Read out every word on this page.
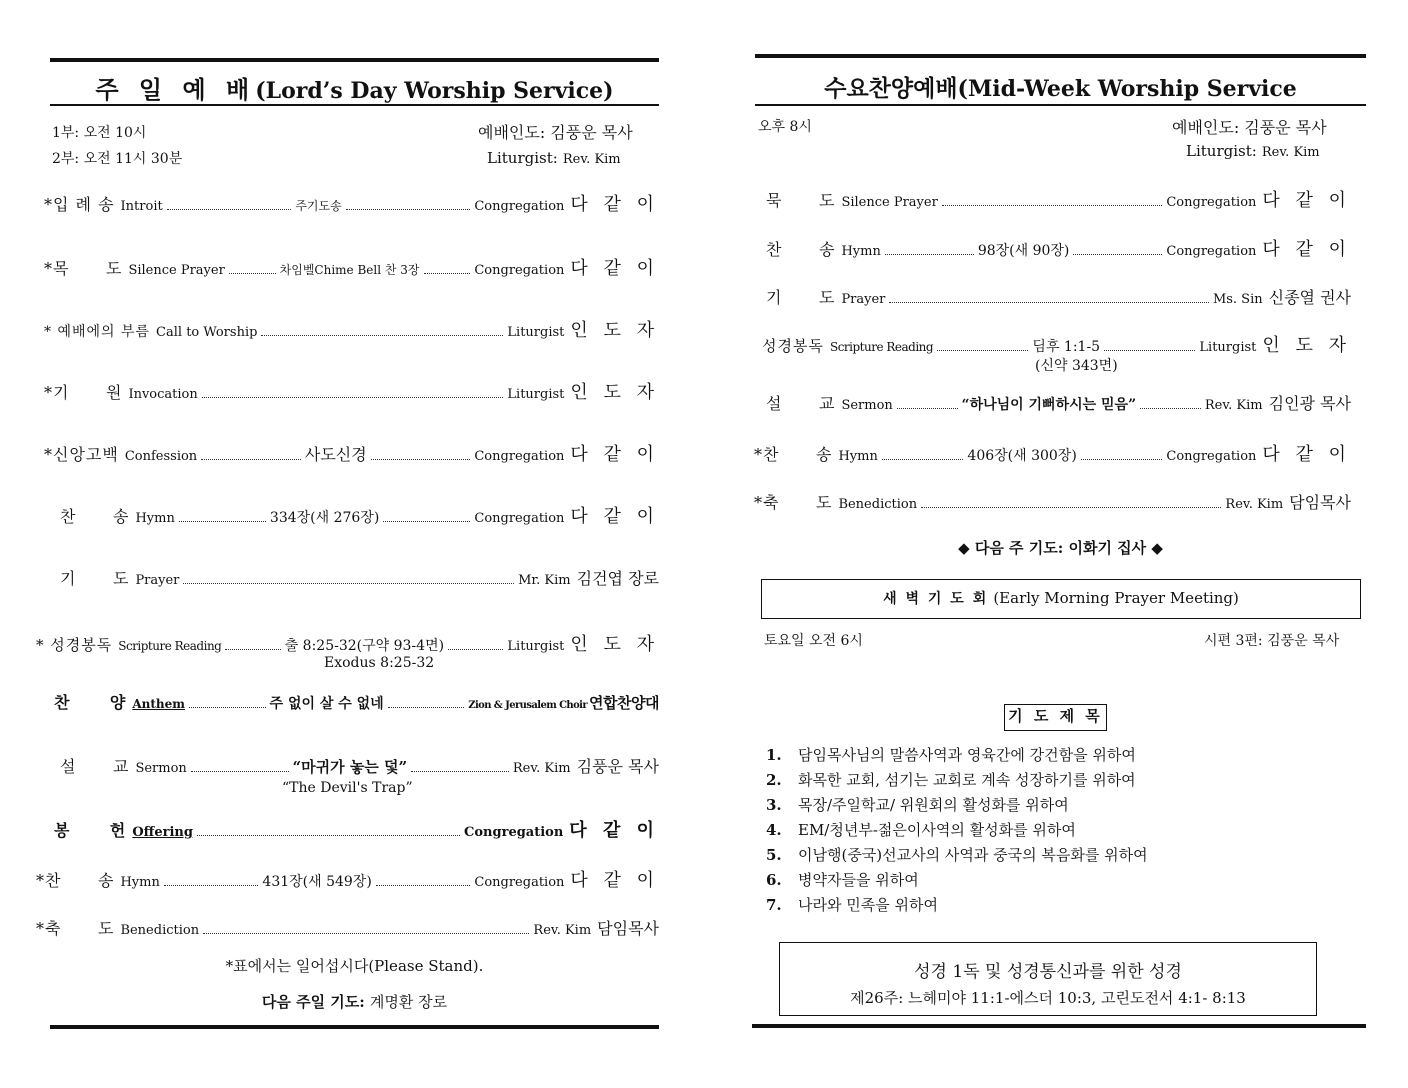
주 일 예 배(Lord’s Day Worship Service)
1부: 오전 10시
2부: 오전 11시 30분
예배인도: 김풍운 목사
Liturgist: Rev. Kim
*입 례 송 Introit	주기도송	Congregation 다 같 이
*목      도 Silence Prayer	차임벨Chime Bell 찬 3장	Congregation 다 같 이
* 예배에의 부름 Call to Worship	Liturgist 인 도 자
*기      원 Invocation	Liturgist 인 도 자
*신앙고백 Confession	사도신경	Congregation 다 같 이
찬      송 Hymn	334장(새 276장)	Congregation 다 같 이
기      도 Prayer	Mr. Kim 김건엽 장로
* 성경봉독 Scripture Reading	출 8:25-32(구약 93-4면)	Liturgist 인 도 자
Exodus 8:25-32
찬      양 Anthem	주 없이 살 수 없네	Zion & Jerusalem Choir 연합찬양대
설      교 Sermon	“마귀가 놓는 덫”	Rev. Kim 김풍운 목사
“The Devil's Trap”
봉      헌 Offering	Congregation 다 같 이
*찬      송 Hymn	431장(새 549장)	Congregation 다 같 이
*축      도 Benediction	Rev. Kim 담임목사
*표에서는 일어섭시다(Please Stand).
다음 주일 기도: 계명환 장로
수요찬양예배(Mid-Week Worship Service
오후 8시	예배인도: 김풍운 목사
Liturgist: Rev. Kim
묵      도 Silence Prayer	Congregation 다 같 이
찬      송 Hymn	98장(새 90장)	Congregation 다 같 이
기      도 Prayer	Ms. Sin 신종열 권사
성경봉독 Scripture Reading	딤후 1:1-5	Liturgist 인 도 자
(신약 343면)
설      교 Sermon	“하나님이 기뻐하시는 믿음”	Rev. Kim 김인광 목사
*찬      송 Hymn	406장(새 300장)	Congregation 다 같 이
*축      도 Benediction	Rev. Kim 담임목사
◆ 다음 주 기도: 이화기 집사 ◆
새 벽 기 도 회 (Early Morning Prayer Meeting)
토요일 오전 6시	시편 3편: 김풍운 목사
기 도 제 목
1. 담임목사님의 말씀사역과 영육간에 강건함을 위하여
2. 화목한 교회, 섬기는 교회로 계속 성장하기를 위하여
3. 목장/주일학교/ 위원회의 활성화를 위하여
4. EM/청년부-젊은이사역의 활성화를 위하여
5. 이남행(중국)선교사의 사역과 중국의 복음화를 위하여
6. 병약자들을 위하여
7. 나라와 민족을 위하여
성경 1독 및 성경통신과를 위한 성경
제26주: 느헤미야 11:1-에스더 10:3, 고린도전서 4:1- 8:13
